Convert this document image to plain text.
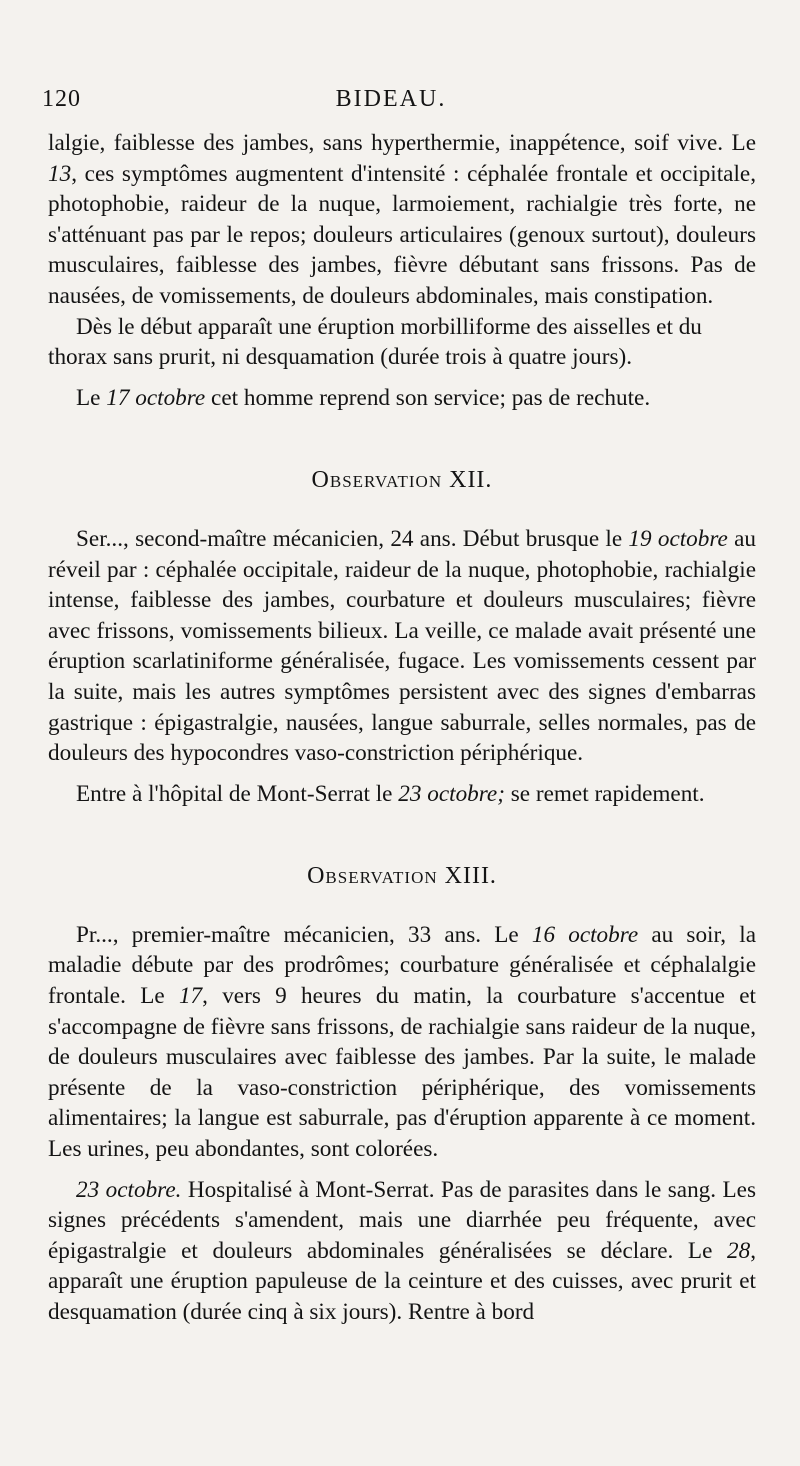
120	BIDEAU.

lalgie, faiblesse des jambes, sans hyperthermie, inappétence, soif vive. Le 13, ces symptômes augmentent d'intensité : céphalée frontale et occipitale, photophobie, raideur de la nuque, larmoiement, rachialgie très forte, ne s'atténuant pas par le repos; douleurs articulaires (genoux surtout), douleurs musculaires, faiblesse des jambes, fièvre débutant sans frissons. Pas de nausées, de vomissements, de douleurs abdominales, mais constipation.

Dès le début apparaît une éruption morbilliforme des aisselles et du thorax sans prurit, ni desquamation (durée trois à quatre jours).

Le 17 octobre cet homme reprend son service; pas de rechute.

Observation XII.

Ser..., second-maître mécanicien, 24 ans. Début brusque le 19 octobre au réveil par : céphalée occipitale, raideur de la nuque, photophobie, rachialgie intense, faiblesse des jambes, courbature et douleurs musculaires; fièvre avec frissons, vomissements bilieux. La veille, ce malade avait présenté une éruption scarlatiniforme généralisée, fugace. Les vomissements cessent par la suite, mais les autres symptômes persistent avec des signes d'embarras gastrique : épigastralgie, nausées, langue saburrale, selles normales, pas de douleurs des hypocondres vaso-constriction périphérique.

Entre à l'hôpital de Mont-Serrat le 23 octobre; se remet rapidement.

Observation XIII.

Pr..., premier-maître mécanicien, 33 ans. Le 16 octobre au soir, la maladie débute par des prodrômes; courbature généralisée et céphalalgie frontale. Le 17, vers 9 heures du matin, la courbature s'accentue et s'accompagne de fièvre sans frissons, de rachialgie sans raideur de la nuque, de douleurs musculaires avec faiblesse des jambes. Par la suite, le malade présente de la vaso-constriction périphérique, des vomissements alimentaires; la langue est saburrale, pas d'éruption apparente à ce moment. Les urines, peu abondantes, sont colorées.

23 octobre. Hospitalisé à Mont-Serrat. Pas de parasites dans le sang. Les signes précédents s'amendent, mais une diarrhée peu fréquente, avec épigastralgie et douleurs abdominales généralisées se déclare. Le 28, apparaît une éruption papuleuse de la ceinture et des cuisses, avec prurit et desquamation (durée cinq à six jours). Rentre à bord
